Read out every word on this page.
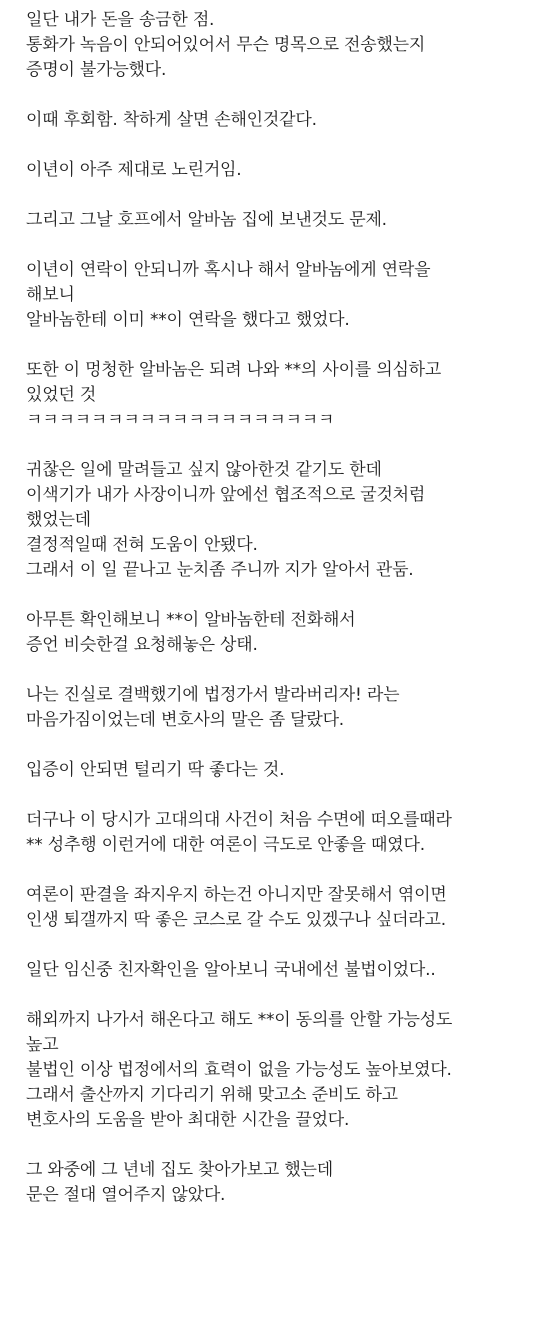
일단 내가 돈을 송금한 점.
통화가 녹음이 안되어있어서 무슨 명목으로 전송했는지
증명이 불가능했다.

이때 후회함. 착하게 살면 손해인것같다.

이년이 아주 제대로 노린거임.

그리고 그날 호프에서 알바놈 집에 보낸것도 문제.

이년이 연락이 안되니까 혹시나 해서 알바놈에게 연락을
해보니
알바놈한테 이미 **이 연락을 했다고 했었다.

또한 이 멍청한 알바놈은 되려 나와 **의 사이를 의심하고
있었던 것
ㅋㅋㅋㅋㅋㅋㅋㅋㅋㅋㅋㅋㅋㅋㅋㅋㅋㅋㅋ

귀찮은 일에 말려들고 싶지 않아한것 같기도 한데
이색기가 내가 사장이니까 앞에선 협조적으로 굴것처럼
했었는데
결정적일때 전혀 도움이 안됐다.
그래서 이 일 끝나고 눈치좀 주니까 지가 알아서 관둠.

아무튼 확인해보니 **이 알바놈한테 전화해서
증언 비슷한걸 요청해놓은 상태.

나는 진실로 결백했기에 법정가서 발라버리자! 라는
마음가짐이었는데 변호사의 말은 좀 달랐다.

입증이 안되면 털리기 딱 좋다는 것.

더구나 이 당시가 고대의대 사건이 처음 수면에 떠오를때라
** 성추행 이런거에 대한 여론이 극도로 안좋을 때였다.

여론이 판결을 좌지우지 하는건 아니지만 잘못해서 엮이면
인생 퇴갤까지 딱 좋은 코스로 갈 수도 있겠구나 싶더라고.

일단 임신중 친자확인을 알아보니 국내에선 불법이었다..

해외까지 나가서 해온다고 해도 **이 동의를 안할 가능성도
높고
불법인 이상 법정에서의 효력이 없을 가능성도 높아보였다.
그래서 출산까지 기다리기 위해 맞고소 준비도 하고
변호사의 도움을 받아 최대한 시간을 끌었다.

그 와중에 그 년네 집도 찾아가보고 했는데
문은 절대 열어주지 않았다.
